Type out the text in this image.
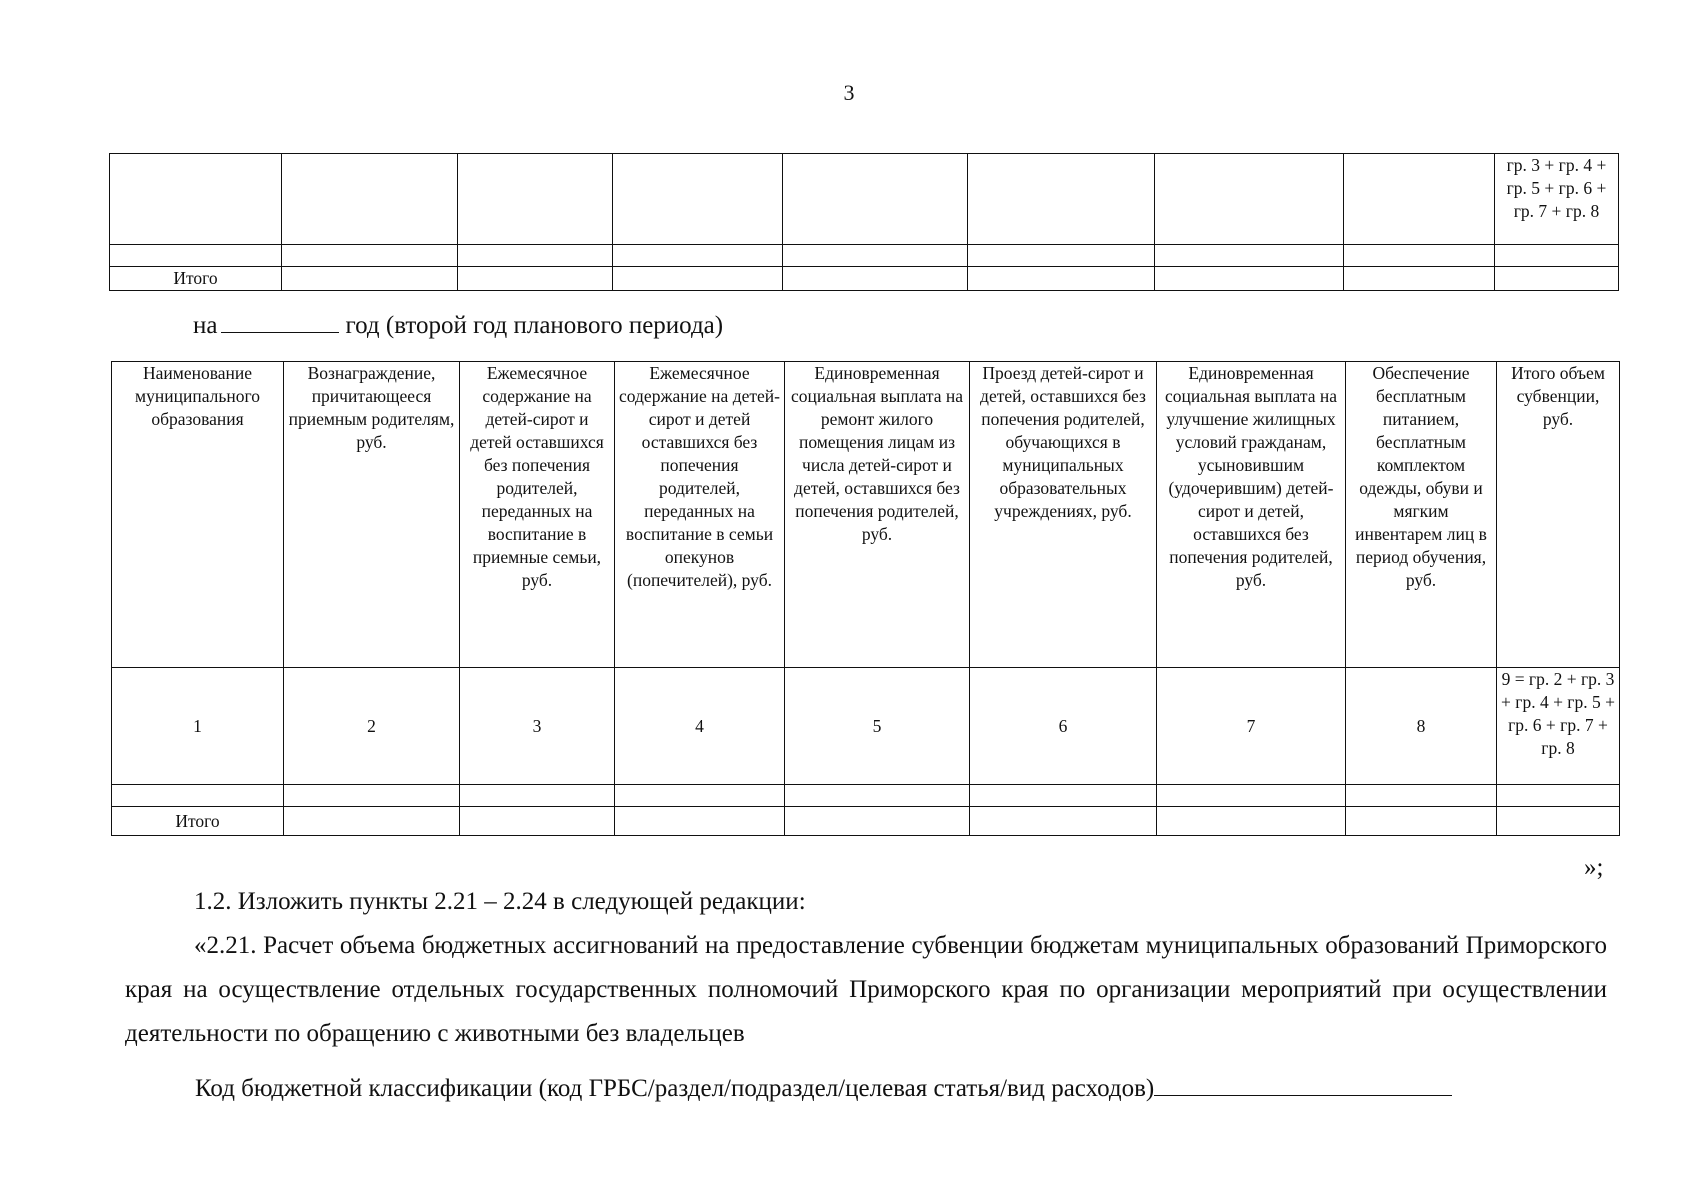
3
								гр. 3 + гр. 4 + гр. 5 + гр. 6 + гр. 7 + гр. 8

Итого								
на	год (второй год планового периода)
Наименование муниципального образования	Вознаграждение, причитающееся приемным родителям, руб.	Ежемесячное содержание на детей-сирот и детей оставшихся без попечения родителей, переданных на воспитание в приемные семьи, руб.	Ежемесячное содержание на детей-сирот и детей оставшихся без попечения родителей, переданных на воспитание в семьи опекунов (попечителей), руб.	Единовременная социальная выплата на ремонт жилого помещения лицам из числа детей-сирот и детей, оставшихся без попечения родителей, руб.	Проезд детей-сирот и детей, оставшихся без попечения родителей, обучающихся в муниципальных образовательных учреждениях, руб.	Единовременная социальная выплата на улучшение жилищных условий гражданам, усыновившим (удочерившим) детей-сирот и детей, оставшихся без попечения родителей, руб.	Обеспечение бесплатным питанием, бесплатным комплектом одежды, обуви и мягким инвентарем лиц в период обучения, руб.	Итого объем субвенции, руб.
1	2	3	4	5	6	7	8	9 = гр. 2 + гр. 3 + гр. 4 + гр. 5 + гр. 6 + гр. 7 + гр. 8

Итого								
»;
1.2. Изложить пункты 2.21 – 2.24 в следующей редакции:
«2.21. Расчет объема бюджетных ассигнований на предоставление субвенции бюджетам муниципальных образований Приморского края на осуществление отдельных государственных полномочий Приморского края по организации мероприятий при осуществлении деятельности по обращению с животными без владельцев
Код бюджетной классификации (код ГРБС/раздел/подраздел/целевая статья/вид расходов)
